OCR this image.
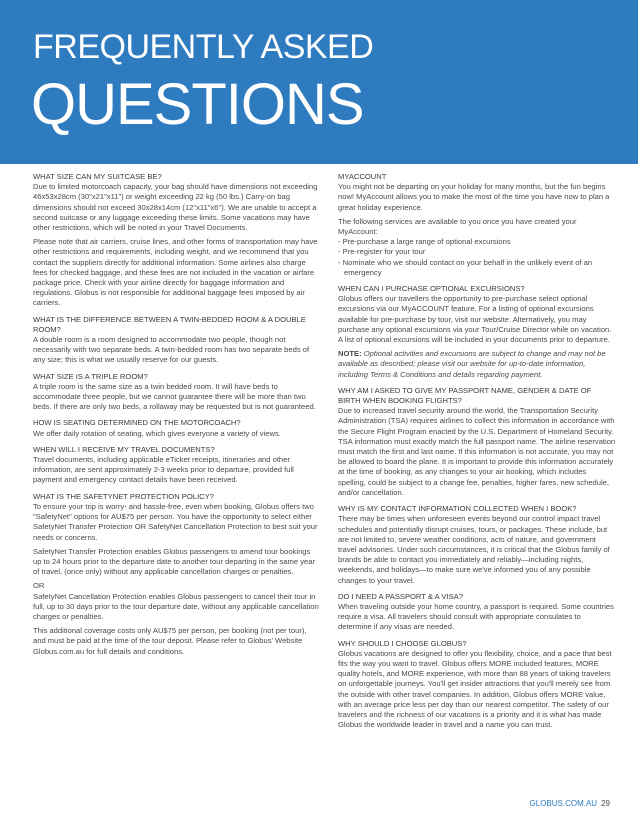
FREQUENTLY ASKED
QUESTIONS

WHAT SIZE CAN MY SUITCASE BE?

Due to limited motorcoach capacity, your bag should have dimensions not exceeding 46x53x28cm (30"x21"x11") or weight exceeding 22 kg (50 lbs.) Carry-on bag dimensions should not exceed 30x28x14cm (12"x11"x6"). We are unable to accept a second suitcase or any luggage exceeding these limits. Some vacations may have other restrictions, which will be noted in your Travel Documents.

Please note that air carriers, cruise lines, and other forms of transportation may have other restrictions and requirements, including weight, and we recommend that you contact the suppliers directly for additional information. Some airlines also charge fees for checked baggage, and these fees are not included in the vacation or airfare package price. Check with your airline directly for baggage information and regulations. Globus is not responsible for additional baggage fees imposed by air carriers.

WHAT IS THE DIFFERENCE BETWEEN A TWIN-BEDDED ROOM & A DOUBLE ROOM?

A double room is a room designed to accommodate two people, though not necessarily with two separate beds. A twin-bedded room has two separate beds of any size; this is what we usually reserve for our guests.

WHAT SIZE IS A TRIPLE ROOM?

A triple room is the same size as a twin bedded room. It will have beds to accommodate three people, but we cannot guarantee there will be more than two beds. If there are only two beds, a rollaway may be requested but is not guaranteed.

HOW IS SEATING DETERMINED ON THE MOTORCOACH?

We offer daily rotation of seating, which gives everyone a variety of views.

WHEN WILL I RECEIVE MY TRAVEL DOCUMENTS?

Travel documents, including applicable eTicket receipts, itineraries and other information, are sent approximately 2-3 weeks prior to departure, provided full payment and emergency contact details have been received.

WHAT IS THE SAFETYNET PROTECTION POLICY?

To ensure your trip is worry- and hassle-free, even when booking, Globus offers two "SafetyNet" options for AU$75 per person. You have the opportunity to select either SafetyNet Transfer Protection OR SafetyNet Cancellation Protection to best suit your needs or concerns.

SafetyNet Transfer Protection enables Globus passengers to amend tour bookings up to 24 hours prior to the departure date to another tour departing in the same year of travel, (once only) without any applicable cancellation charges or penalties.

OR

SafetyNet Cancellation Protection enables Globus passengers to cancel their tour in full, up to 30 days prior to the tour departure date, without any applicable cancellation charges or penalties.

This additional coverage costs only AU$75 per person, per booking (not per tour), and must be paid at the time of the tour deposit. Please refer to Globus' Website Globus.com.au for full details and conditions.

MYACCOUNT

You might not be departing on your holiday for many months, but the fun begins now! MyAccount allows you to make the most of the time you have now to plan a great holiday experience.

The following services are available to you once you have created your MyAccount:

- Pre-purchase a large range of optional excursions
- Pre-register for your tour
- Nominate who we should contact on your behalf in the unlikely event of an emergency

WHEN CAN I PURCHASE OPTIONAL EXCURSIONS?

Globus offers our travellers the opportunity to pre-purchase select optional excursions via our MyACCOUNT feature. For a listing of optional excursions available for pre-purchase by tour, visit our website. Alternatively, you may purchase any optional excursions via your Tour/Cruise Director while on vacation. A list of optional excursions will be included in your documents prior to departure.

NOTE: Optional activities and excursions are subject to change and may not be available as described; please visit our website for up-to-date information, including Terms & Conditions and details regarding payment.

WHY AM I ASKED TO GIVE MY PASSPORT NAME, GENDER & DATE OF BIRTH WHEN BOOKING FLIGHTS?

Due to increased travel security around the world, the Transportation Security Administration (TSA) requires airlines to collect this information in accordance with the Secure Flight Program enacted by the U.S. Department of Homeland Security. TSA information must exactly match the full passport name. The airline reservation must match the first and last name. If this information is not accurate, you may not be allowed to board the plane. It is important to provide this information accurately at the time of booking, as any changes to your air booking, which includes spelling, could be subject to a change fee, penalties, higher fares, new schedule, and/or cancellation.

WHY IS MY CONTACT INFORMATION COLLECTED WHEN I BOOK?

There may be times when unforeseen events beyond our control impact travel schedules and potentially disrupt cruises, tours, or packages. These include, but are not limited to, severe weather conditions, acts of nature, and government travel advisories. Under such circumstances, it is critical that the Globus family of brands be able to contact you immediately and reliably—including nights, weekends, and holidays—to make sure we've informed you of any possible changes to your travel.

DO I NEED A PASSPORT & A VISA?

When traveling outside your home country, a passport is required. Some countries require a visa. All travelers should consult with appropriate consulates to determine if any visas are needed.

WHY SHOULD I CHOOSE GLOBUS?

Globus vacations are designed to offer you flexibility, choice, and a pace that best fits the way you want to travel. Globus offers MORE included features, MORE quality hotels, and MORE experience, with more than 88 years of taking travelers on unforgettable journeys. You'll get insider attractions that you'll merely see from the outside with other travel companies. In addition, Globus offers MORE value, with an average price less per day than our nearest competitor. The safety of our travelers and the richness of our vacations is a priority and it is what has made Globus the worldwide leader in travel and a name you can trust.

GLOBUS.COM.AU 29
